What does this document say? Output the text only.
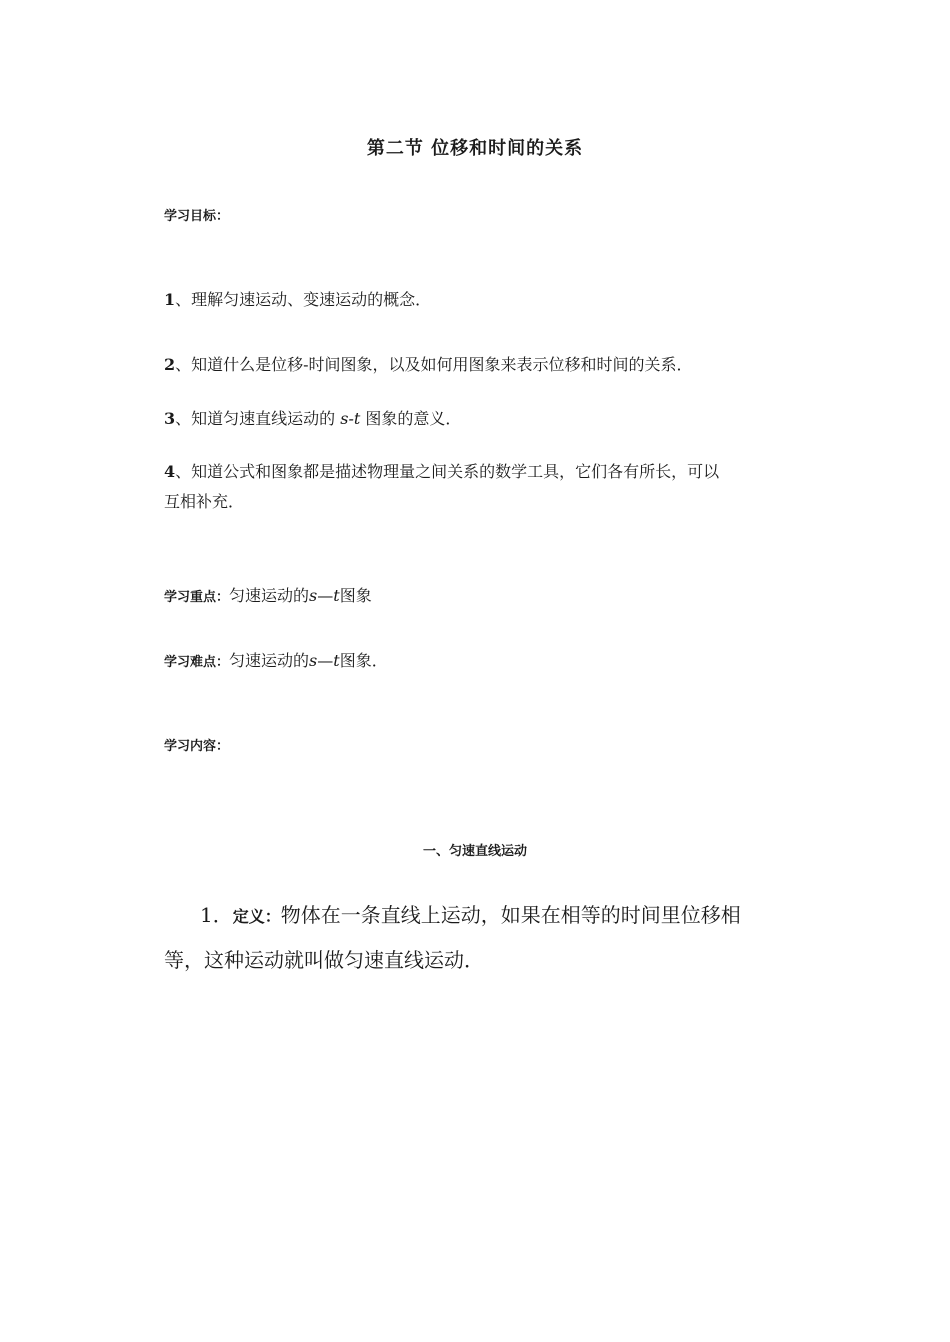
第二节 位移和时间的关系
学习目标：
1、理解匀速运动、变速运动的概念．
2、知道什么是位移-时间图象，以及如何用图象来表示位移和时间的关系．
3、知道匀速直线运动的 s-t 图象的意义．
4、知道公式和图象都是描述物理量之间关系的数学工具，它们各有所长，可以
互相补充．
学习重点：匀速运动的s—t图象
学习难点：匀速运动的s—t图象．
学习内容：
一、匀速直线运动
1．定义：物体在一条直线上运动，如果在相等的时间里位移相
等，这种运动就叫做匀速直线运动．
